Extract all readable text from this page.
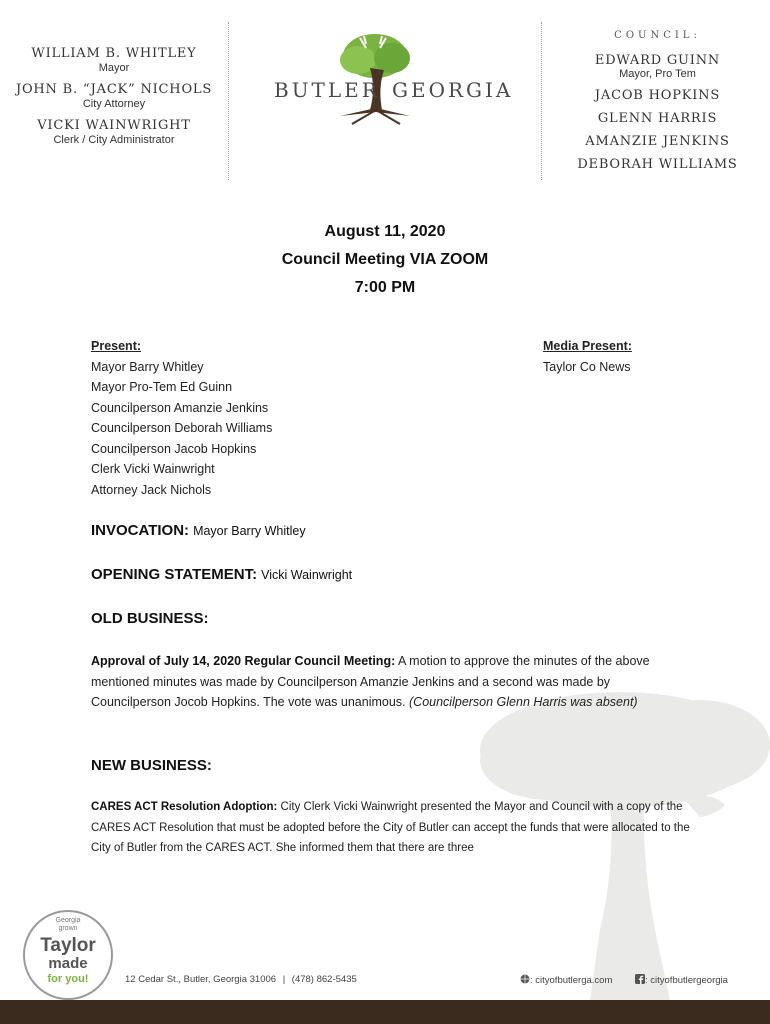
WILLIAM B. WHITLEY
Mayor
JOHN B. “JACK” NICHOLS
City Attorney
VICKI WAINWRIGHT
Clerk / City Administrator
BUTLER GEORGIA
COUNCIL:
EDWARD GUINN
Mayor, Pro Tem
JACOB HOPKINS
GLENN HARRIS
AMANZIE JENKINS
DEBORAH WILLIAMS
August 11, 2020
Council Meeting VIA ZOOM
7:00 PM
Present:
Mayor Barry Whitley
Mayor Pro-Tem Ed Guinn
Councilperson Amanzie Jenkins
Councilperson Deborah Williams
Councilperson Jacob Hopkins
Clerk Vicki Wainwright
Attorney Jack Nichols
Media Present:
Taylor Co News
INVOCATION: Mayor Barry Whitley
OPENING STATEMENT: Vicki Wainwright
OLD BUSINESS:
Approval of July 14, 2020 Regular Council Meeting: A motion to approve the minutes of the above mentioned minutes was made by Councilperson Amanzie Jenkins and a second was made by Councilperson Jocob Hopkins. The vote was unanimous. (Councilperson Glenn Harris was absent)
NEW BUSINESS:
CARES ACT Resolution Adoption: City Clerk Vicki Wainwright presented the Mayor and Council with a copy of the CARES ACT Resolution that must be adopted before the City of Butler can accept the funds that were allocated to the City of Butler from the CARES ACT. She informed them that there are three
Georgia
grown
Taylor
made
for you!	12 Cedar St., Butler, Georgia 31006 | (478) 862-5435	: cityofbutlerga.com	: cityofbutlergeorgia
